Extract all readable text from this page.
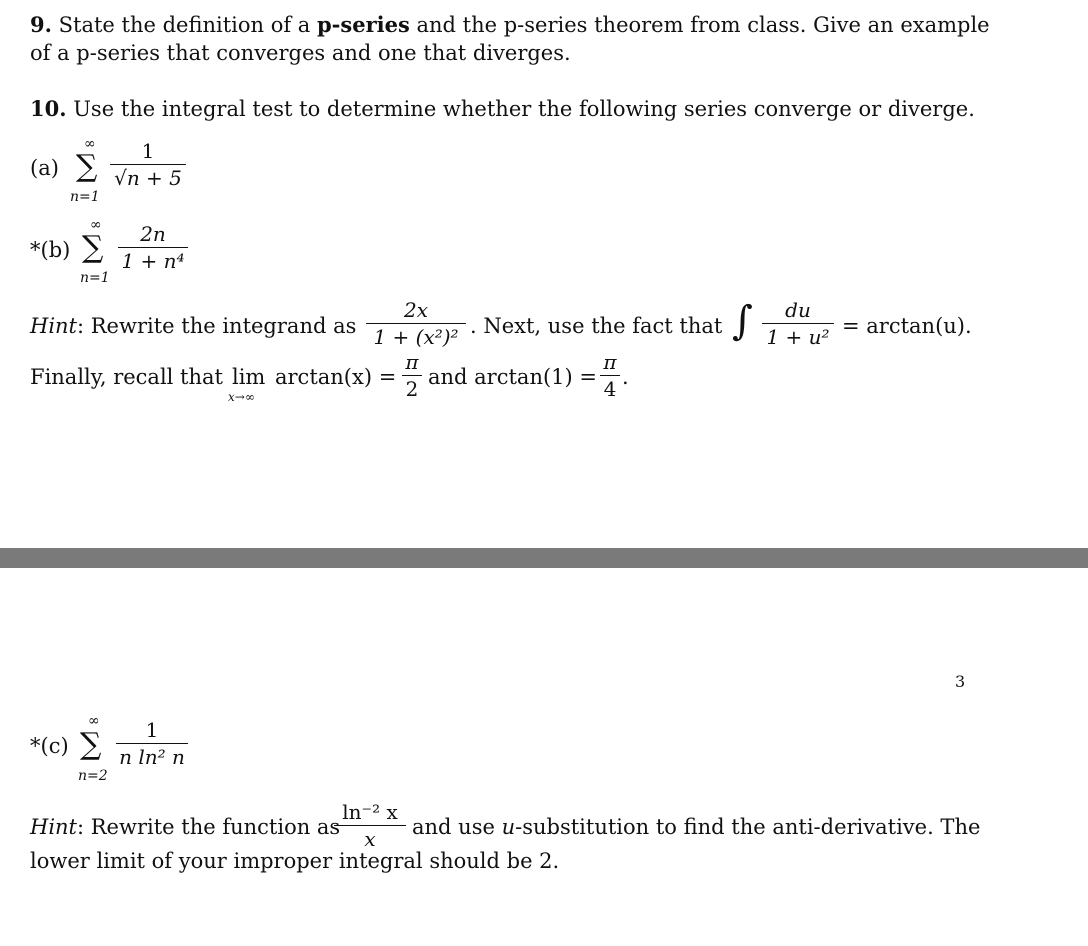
9. State the definition of a p-series and the p-series theorem from class. Give an example
of a p-series that converges and one that diverges.
10. Use the integral test to determine whether the following series converge or diverge.
(a)
∞
∑
n=1
1
√n + 5
*(b)
∞
∑
n=1
2n
1 + n⁴
Hint: Rewrite the integrand as
2x
1 + (x²)² . Next, use the fact that ∫	du
1 + u² = arctan(u).
Finally, recall that lim
x→∞
arctan(x) =
π
2 and arctan(1) =
π
4 .
3
*(c)
∞
∑
n=2
1
n ln² n
Hint: Rewrite the function as
ln⁻² x
x	and use u-substitution to find the anti-derivative. The
lower limit of your improper integral should be 2.
